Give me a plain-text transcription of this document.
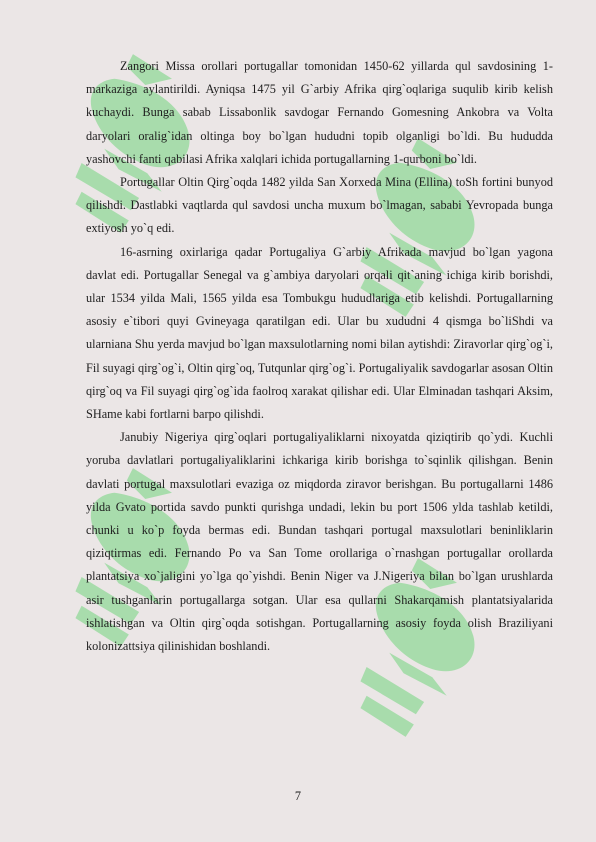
Zangori Missa orollari portugallar tomonidan 1450-62 yillarda qul savdosining 1-markaziga aylantirildi. Ayniqsa 1475 yil G`arbiy Afrika qirg`oqlariga suqulib kirib kelish kuchaydi. Bunga sabab Lissabonlik savdogar Fernando Gomesning Ankobra va Volta daryolari oralig`idan oltinga boy bo`lgan hududni topib olganligi bo`ldi. Bu hududda yashovchi fanti qabilasi Afrika xalqlari ichida portugallarning 1-qurboni bo`ldi.

Portugallar Oltin Qirg`oqda 1482 yilda San Xorxeda Mina (Ellina) toSh fortini bunyod qilishdi. Dastlabki vaqtlarda qul savdosi uncha muxum bo`lmagan, sababi Yevropada bunga extiyosh yo`q edi.

16-asrning oxirlariga qadar Portugaliya G`arbiy Afrikada mavjud bo`lgan yagona davlat edi. Portugallar Senegal va g`ambiya daryolari orqali qit`aning ichiga kirib borishdi, ular 1534 yilda Mali, 1565 yilda esa Tombukgu hududlariga etib kelishdi. Portugallarning asosiy e`tibori quyi Gvineyaga qaratilgan edi. Ular bu xududni 4 qismga bo`liShdi va ularniana Shu yerda mavjud bo`lgan maxsulotlarning nomi bilan aytishdi: Ziravorlar qirg`og`i, Fil suyagi qirg`og`i, Oltin qirg`oq, Tutqunlar qirg`og`i. Portugaliyalik savdogarlar asosan Oltin qirg`oq va Fil suyagi qirg`og`ida faolroq xarakat qilishar edi. Ular Elminadan tashqari Aksim, SHame kabi fortlarni barpo qilishdi.

Janubiy Nigeriya qirg`oqlari portugaliyaliklarni nixoyatda qiziqtirib qo`ydi. Kuchli yoruba davlatlari portugaliyaliklarini ichkariga kirib borishga to`sqinlik qilishgan. Benin davlati portugal maxsulotlari evaziga oz miqdorda ziravor berishgan. Bu portugallarni 1486 yilda Gvato portida savdo punkti qurishga undadi, lekin bu port 1506 ylda tashlab ketildi, chunki u ko`p foyda bermas edi. Bundan tashqari portugal maxsulotlari beninliklarin qiziqtirmas edi. Fernando Po va San Tome orollariga o`rnashgan portugallar orollarda plantatsiya xo`jaligini yo`lga qo`yishdi. Benin Niger va J.Nigeriya bilan bo`lgan urushlarda asir tushganlarin portugallarga sotgan. Ular esa qullarni Shakarqamish plantatsiyalarida ishlatishgan va Oltin qirg`oqda sotishgan. Portugallarning asosiy foyda olish Braziliyani kolonizattsiya qilinishidan boshlandi.

7
